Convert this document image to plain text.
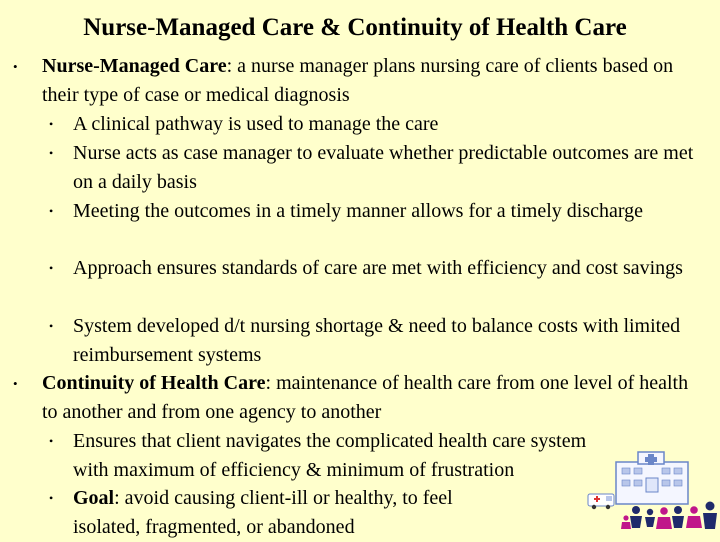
Nurse-Managed Care & Continuity of Health Care
• Nurse-Managed Care: a nurse manager plans nursing care of clients based on their type of case or medical diagnosis
• A clinical pathway is used to manage the care
• Nurse acts as case manager to evaluate whether predictable outcomes are met on a daily basis
• Meeting the outcomes in a timely manner allows for a timely discharge
• Approach ensures standards of care are met with efficiency and cost savings
• System developed d/t nursing shortage & need to balance costs with limited reimbursement systems
• Continuity of Health Care: maintenance of health care from one level of health to another and from one agency to another
• Ensures that client navigates the complicated health care system with maximum of efficiency & minimum of frustration
• Goal: avoid causing client-ill or healthy, to feel isolated, fragmented, or abandoned
